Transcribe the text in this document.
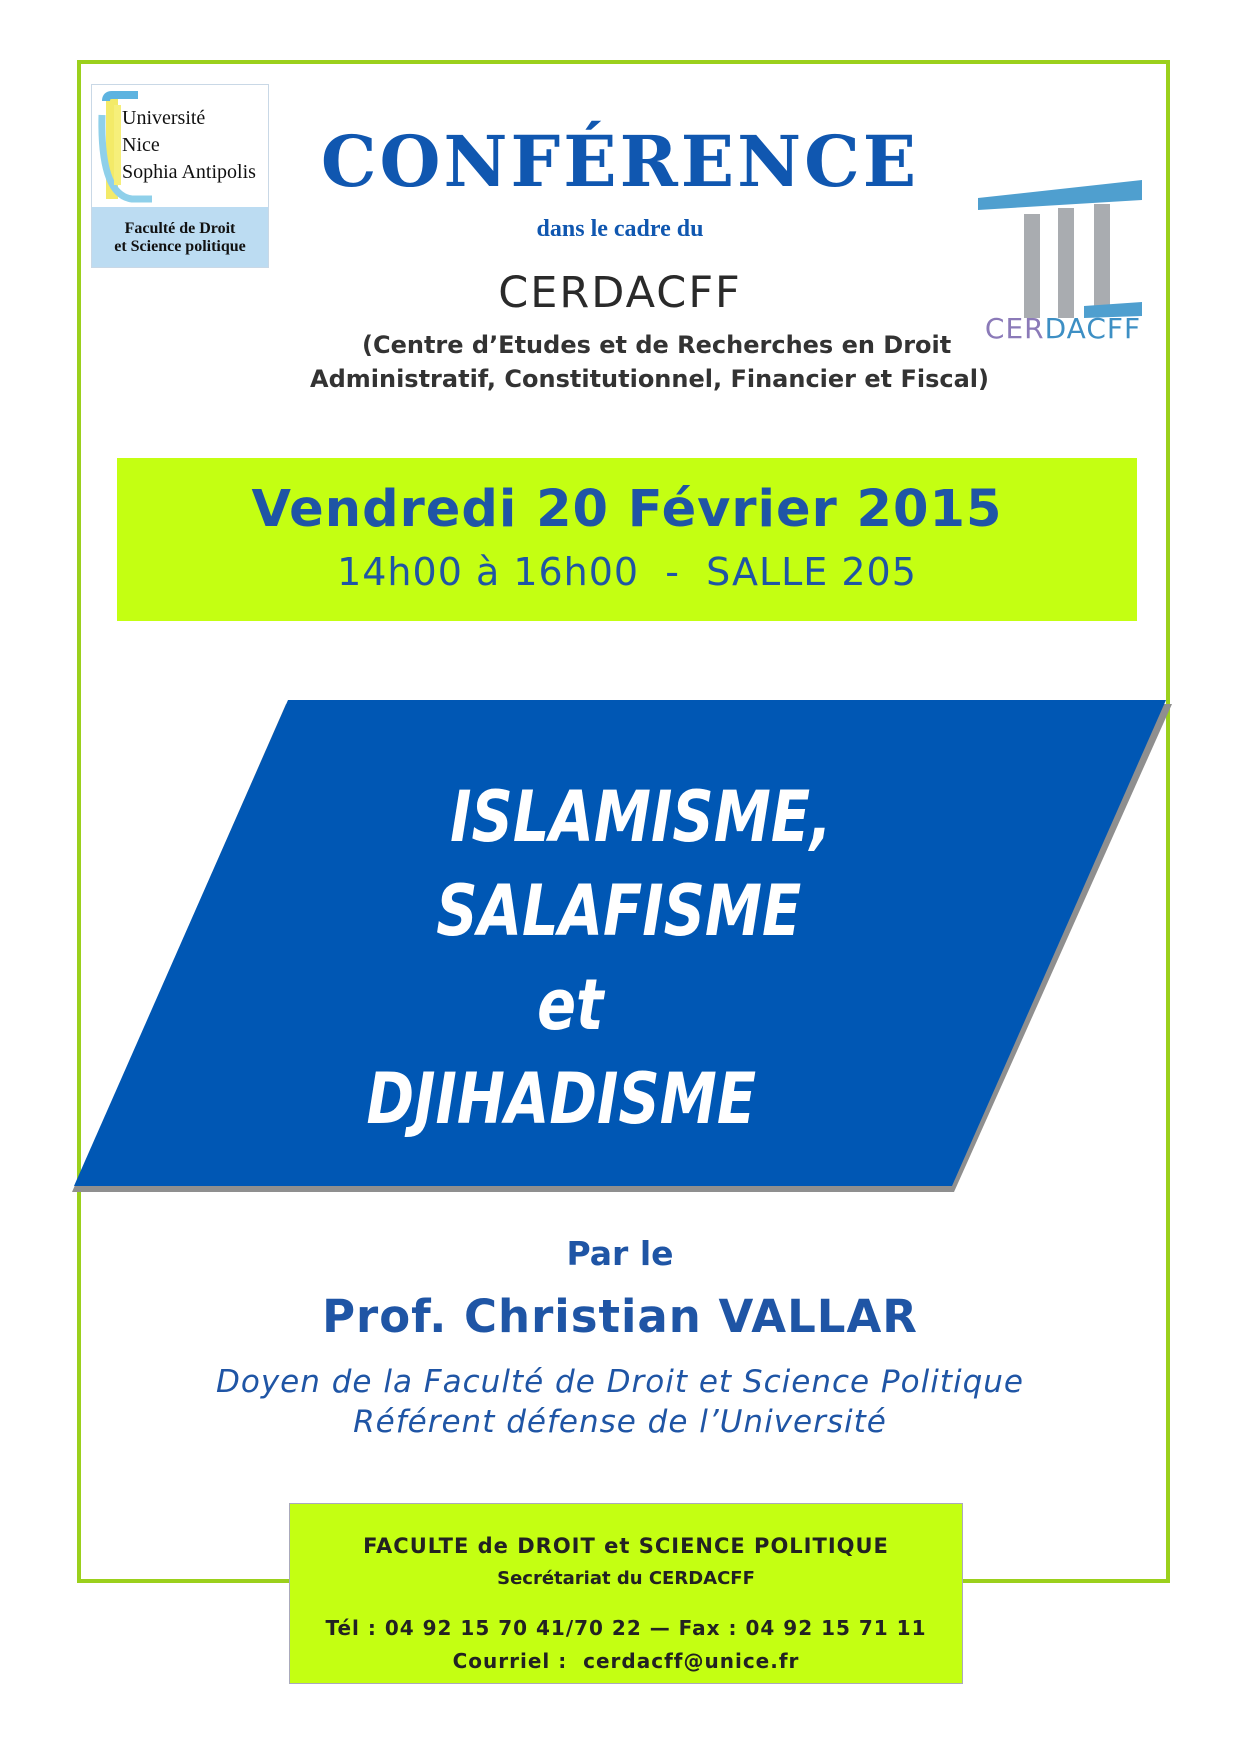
Université
Nice
Sophia Antipolis
Faculté de Droit
et Science politique
CERDACFF
CONFÉRENCE
dans le cadre du
CERDACFF
(Centre d’Etudes et de Recherches en Droit
Administratif, Constitutionnel, Financier et Fiscal)
Vendredi 20 Février 2015
14h00 à 16h00  -  SALLE 205
ISLAMISME,
SALAFISME
et
DJIHADISME
Par le
Prof. Christian VALLAR
Doyen de la Faculté de Droit et Science Politique
Référent défense de l’Université
FACULTE de DROIT et SCIENCE POLITIQUE
Secrétariat du CERDACFF
Tél : 04 92 15 70 41/70 22 — Fax : 04 92 15 71 11
Courriel :  cerdacff@unice.fr
